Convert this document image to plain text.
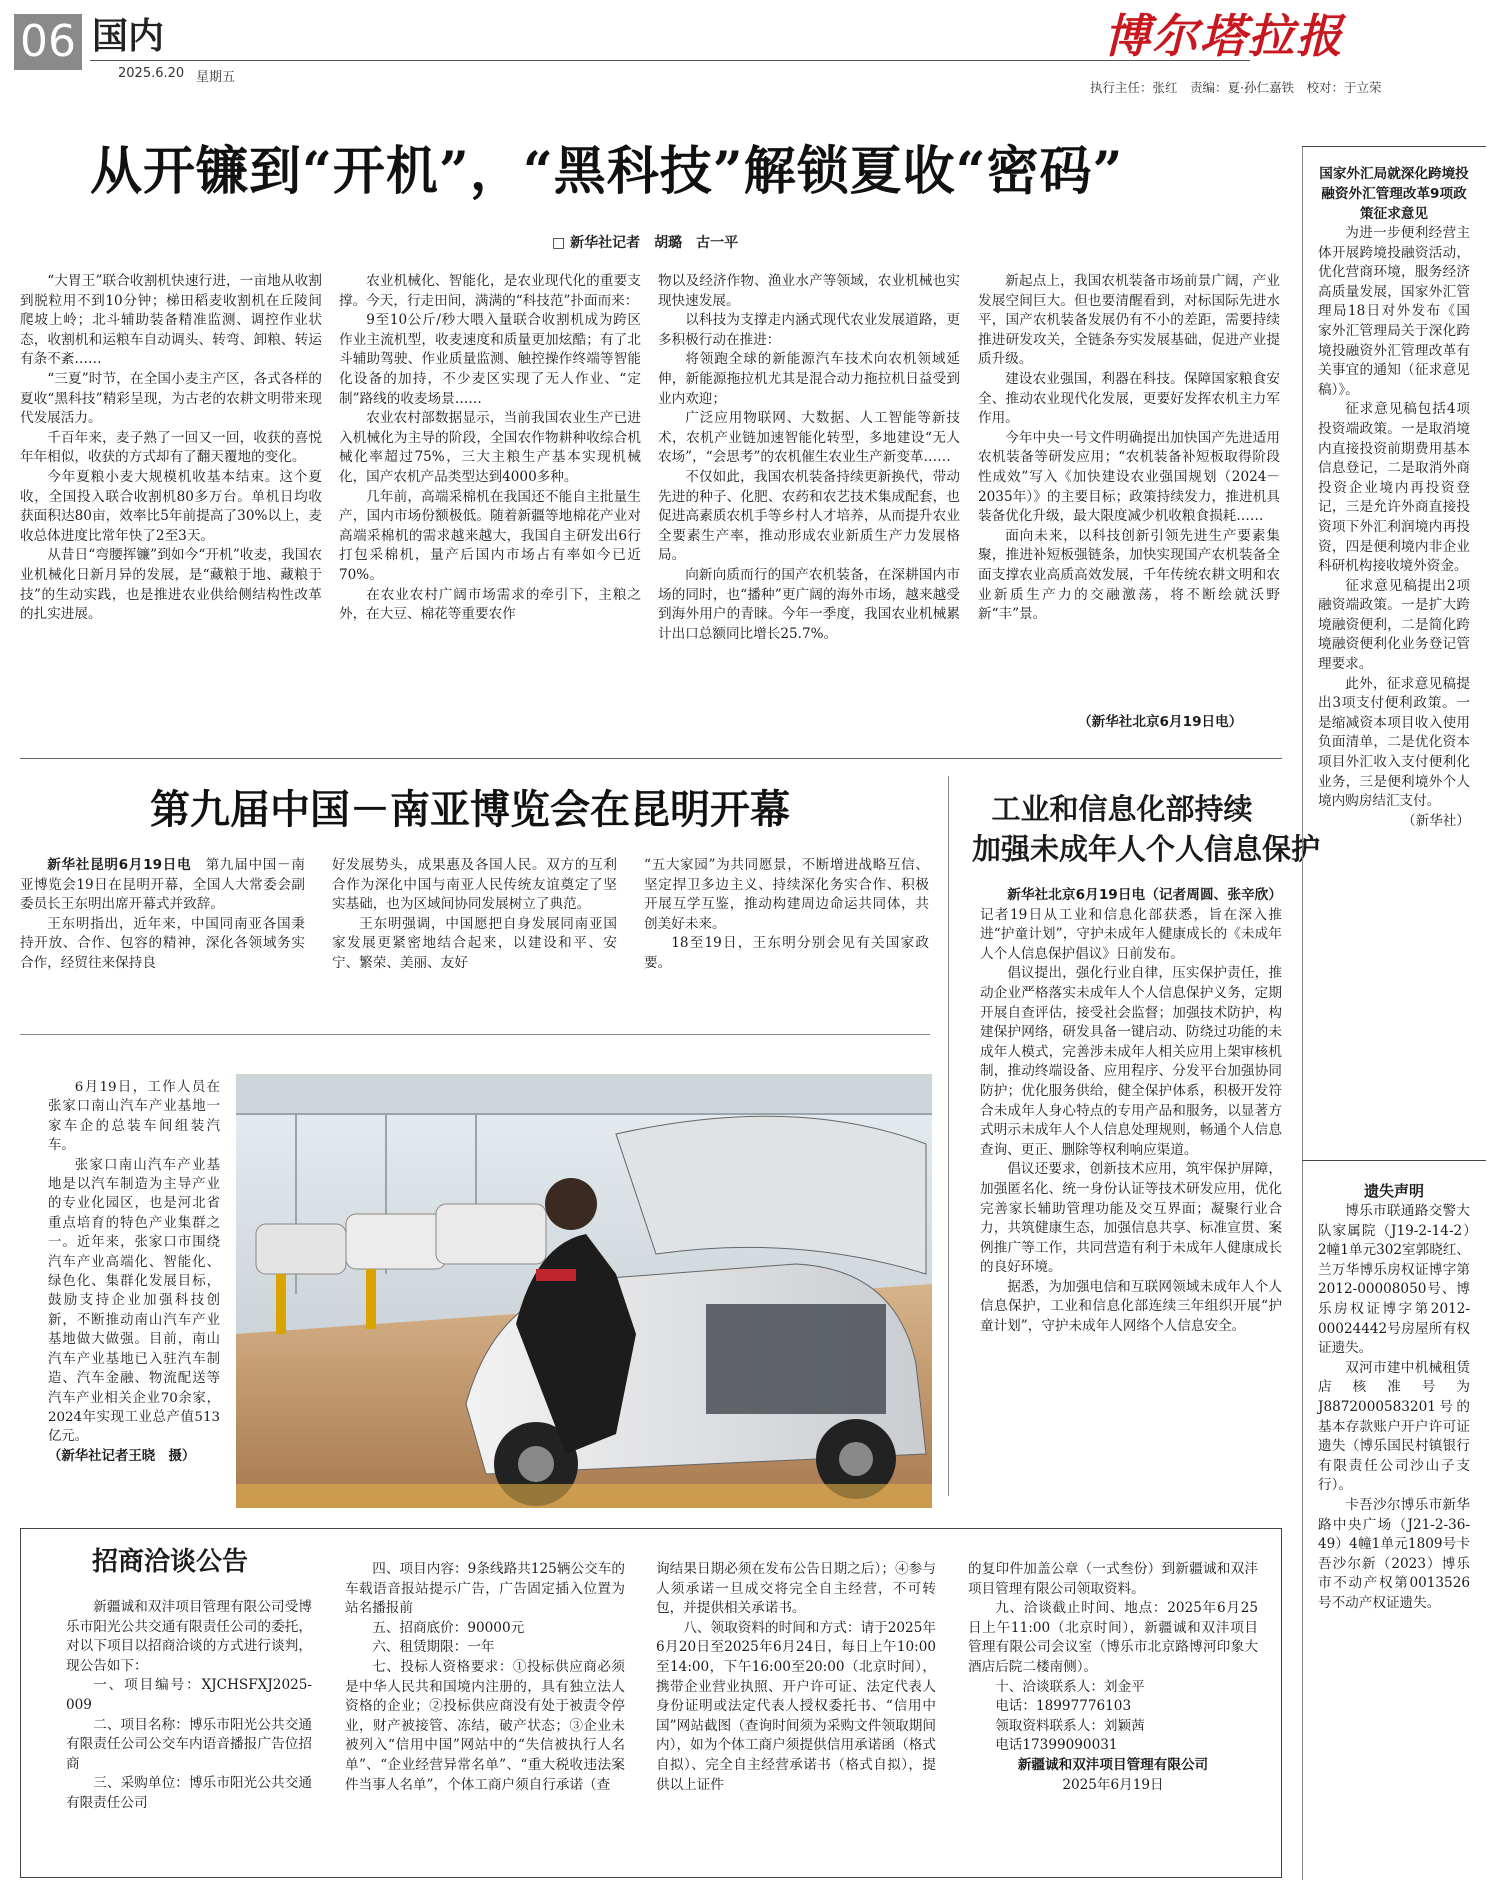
06 国内
2025.6.20 星期五
博尔塔拉报
执行主任：张红　责编：夏·孙仁嘉铁　校对：于立荣
从开镰到“开机”，“黑科技”解锁夏收“密码”
□ 新华社记者　胡璐　古一平

“大胃王”联合收割机快速行进，一亩地从收割到脱粒用不到10分钟；梯田稻麦收割机在丘陵间爬坡上岭；北斗辅助装备精准监测、调控作业状态，收割机和运粮车自动调头、转弯、卸粮、转运有条不紊……

“三夏”时节，在全国小麦主产区，各式各样的夏收“黑科技”精彩呈现，为古老的农耕文明带来现代发展活力。

千百年来，麦子熟了一回又一回，收获的喜悦年年相似，收获的方式却有了翻天覆地的变化。

今年夏粮小麦大规模机收基本结束。这个夏收，全国投入联合收割机80多万台。单机日均收获面积达80亩，效率比5年前提高了30%以上，麦收总体进度比常年快了2至3天。

从昔日“弯腰挥镰”到如今“开机”收麦，我国农业机械化日新月异的发展，是“藏粮于地、藏粮于技”的生动实践，也是推进农业供给侧结构性改革的扎实进展。

农业机械化、智能化，是农业现代化的重要支撑。今天，行走田间，满满的“科技范”扑面而来：

9至10公斤/秒大喂入量联合收割机成为跨区作业主流机型，收麦速度和质量更加炫酷；有了北斗辅助驾驶、作业质量监测、触控操作终端等智能化设备的加持，不少麦区实现了无人作业、“定制”路线的收麦场景……

农业农村部数据显示，当前我国农业生产已进入机械化为主导的阶段，全国农作物耕种收综合机械化率超过75%，三大主粮生产基本实现机械化，国产农机产品类型达到4000多种。

几年前，高端采棉机在我国还不能自主批量生产，国内市场份额极低。随着新疆等地棉花产业对高端采棉机的需求越来越大，我国自主研发出6行打包采棉机，量产后国内市场占有率如今已近70%。

在农业农村广阔市场需求的牵引下，主粮之外，在大豆、棉花等重要农作

物以及经济作物、渔业水产等领域，农业机械也实现快速发展。

以科技为支撑走内涵式现代农业发展道路，更多积极行动在推进：

将领跑全球的新能源汽车技术向农机领域延伸，新能源拖拉机尤其是混合动力拖拉机日益受到业内欢迎；

广泛应用物联网、大数据、人工智能等新技术，农机产业链加速智能化转型，多地建设“无人农场”，“会思考”的农机催生农业生产新变革……

不仅如此，我国农机装备持续更新换代，带动先进的种子、化肥、农药和农艺技术集成配套，也促进高素质农机手等乡村人才培养，从而提升农业全要素生产率，推动形成农业新质生产力发展格局。

向新向质而行的国产农机装备，在深耕国内市场的同时，也“播种”更广阔的海外市场，越来越受到海外用户的青睐。今年一季度，我国农业机械累计出口总额同比增长25.7%。

新起点上，我国农机装备市场前景广阔，产业发展空间巨大。但也要清醒看到，对标国际先进水平，国产农机装备发展仍有不小的差距，需要持续推进研发攻关，全链条夯实发展基础，促进产业提质升级。

建设农业强国，利器在科技。保障国家粮食安全、推动农业现代化发展，更要好发挥农机主力军作用。

今年中央一号文件明确提出加快国产先进适用农机装备等研发应用；“农机装备补短板取得阶段性成效”写入《加快建设农业强国规划（2024－2035年）》的主要目标；政策持续发力，推进机具装备优化升级，最大限度减少机收粮食损耗……

面向未来，以科技创新引领先进生产要素集聚，推进补短板强链条，加快实现国产农机装备全面支撑农业高质高效发展，千年传统农耕文明和农业新质生产力的交融激荡，将不断绘就沃野新“丰”景。

（新华社北京6月19日电）
第九届中国－南亚博览会在昆明开幕

新华社昆明6月19日电　 第九届中国－南亚博览会19日在昆明开幕，全国人大常委会副委员长王东明出席开幕式并致辞。

王东明指出，近年来，中国同南亚各国秉持开放、合作、包容的精神，深化各领域务实合作，经贸往来保持良

好发展势头，成果惠及各国人民。双方的互利合作为深化中国与南亚人民传统友谊奠定了坚实基础，也为区域间协同发展树立了典范。

王东明强调，中国愿把自身发展同南亚国家发展更紧密地结合起来，以建设和平、安宁、繁荣、美丽、友好

“五大家园”为共同愿景，不断增进战略互信、坚定捍卫多边主义、持续深化务实合作、积极开展互学互鉴，推动构建周边命运共同体，共创美好未来。

18至19日，王东明分别会见有关国家政要。

6月19日，工作人员在张家口南山汽车产业基地一家车企的总装车间组装汽车。

张家口南山汽车产业基地是以汽车制造为主导产业的专业化园区，也是河北省重点培育的特色产业集群之一。近年来，张家口市围绕汽车产业高端化、智能化、绿色化、集群化发展目标，鼓励支持企业加强科技创新，不断推动南山汽车产业基地做大做强。目前，南山汽车产业基地已入驻汽车制造、汽车金融、物流配送等汽车产业相关企业70余家，2024年实现工业总产值513亿元。

（新华社记者王晓　摄）

工业和信息化部持续
加强未成年人个人信息保护

新华社北京6月19日电（记者周圆、张辛欣）记者19日从工业和信息化部获悉，旨在深入推进“护童计划”，守护未成年人健康成长的《未成年人个人信息保护倡议》日前发布。

倡议提出，强化行业自律，压实保护责任，推动企业严格落实未成年人个人信息保护义务，定期开展自查评估，接受社会监督；加强技术防护，构建保护网络，研发具备一键启动、防绕过功能的未成年人模式，完善涉未成年人相关应用上架审核机制，推动终端设备、应用程序、分发平台加强协同防护；优化服务供给，健全保护体系，积极开发符合未成年人身心特点的专用产品和服务，以显著方式明示未成年人个人信息处理规则，畅通个人信息查询、更正、删除等权利响应渠道。

倡议还要求，创新技术应用，筑牢保护屏障，加强匿名化、统一身份认证等技术研发应用，优化完善家长辅助管理功能及交互界面；凝聚行业合力，共筑健康生态，加强信息共享、标准宣贯、案例推广等工作，共同营造有利于未成年人健康成长的良好环境。

据悉，为加强电信和互联网领域未成年人个人信息保护，工业和信息化部连续三年组织开展“护童计划”，守护未成年人网络个人信息安全。

国家外汇局就深化跨境投融资外汇管理改革9项政策征求意见

为进一步便利经营主体开展跨境投融资活动，优化营商环境，服务经济高质量发展，国家外汇管理局18日对外发布《国家外汇管理局关于深化跨境投融资外汇管理改革有关事宜的通知（征求意见稿）》。

征求意见稿包括4项投资端政策。一是取消境内直接投资前期费用基本信息登记，二是取消外商投资企业境内再投资登记，三是允许外商直接投资项下外汇利润境内再投资，四是便利境内非企业科研机构接收境外资金。

征求意见稿提出2项融资端政策。一是扩大跨境融资便利，二是简化跨境融资便利化业务登记管理要求。

此外，征求意见稿提出3项支付便利政策。一是缩减资本项目收入使用负面清单，二是优化资本项目外汇收入支付便利化业务，三是便利境外个人境内购房结汇支付。

（新华社）

遗失声明

博乐市联通路交警大队家属院（J19-2-14-2）2幢1单元302室郭晓红、兰万华博乐房权证博字第2012-00008050号、博乐房权证博字第2012-00024442号房屋所有权证遗失。

双河市建中机械租赁店核准号为J8872000583201号的基本存款账户开户许可证遗失（博乐国民村镇银行有限责任公司沙山子支行）。

卡吾沙尔博乐市新华路中央广场（J21-2-36-49）4幢1单元1809号卡吾沙尔新（2023）博乐市不动产权第0013526号不动产权证遗失。

招商洽谈公告

新疆诚和双沣项目管理有限公司受博乐市阳光公共交通有限责任公司的委托，对以下项目以招商洽谈的方式进行谈判，现公告如下：

一、项目编号：XJCHSFXJ2025-009

二、项目名称：博乐市阳光公共交通有限责任公司公交车内语音播报广告位招商

三、采购单位：博乐市阳光公共交通有限责任公司

四、项目内容：9条线路共125辆公交车的车载语音报站提示广告，广告固定插入位置为站名播报前

五、招商底价：90000元

六、租赁期限：一年

七、投标人资格要求：①投标供应商必须是中华人民共和国境内注册的，具有独立法人资格的企业；②投标供应商没有处于被责令停业，财产被接管、冻结，破产状态；③企业未被列入“信用中国”网站中的“失信被执行人名单”、“企业经营异常名单”、“重大税收违法案件当事人名单”，个体工商户须自行承诺（查

询结果日期必须在发布公告日期之后）；④参与人须承诺一旦成交将完全自主经营，不可转包，并提供相关承诺书。

八、领取资料的时间和方式：请于2025年6月20日至2025年6月24日，每日上午10:00至14:00，下午16:00至20:00（北京时间），携带企业营业执照、开户许可证、法定代表人身份证明或法定代表人授权委托书、“信用中国”网站截图（查询时间须为采购文件领取期间内），如为个体工商户须提供信用承诺函（格式自拟）、完全自主经营承诺书（格式自拟），提供以上证件

的复印件加盖公章（一式叁份）到新疆诚和双沣项目管理有限公司领取资料。

九、洽谈截止时间、地点：2025年6月25日上午11:00（北京时间），新疆诚和双沣项目管理有限公司会议室（博乐市北京路博河印象大酒店后院二楼南侧）。

十、洽谈联系人：刘金平

电话：18997776103

领取资料联系人：刘颖茜

电话17399090031

新疆诚和双沣项目管理有限公司

2025年6月19日
